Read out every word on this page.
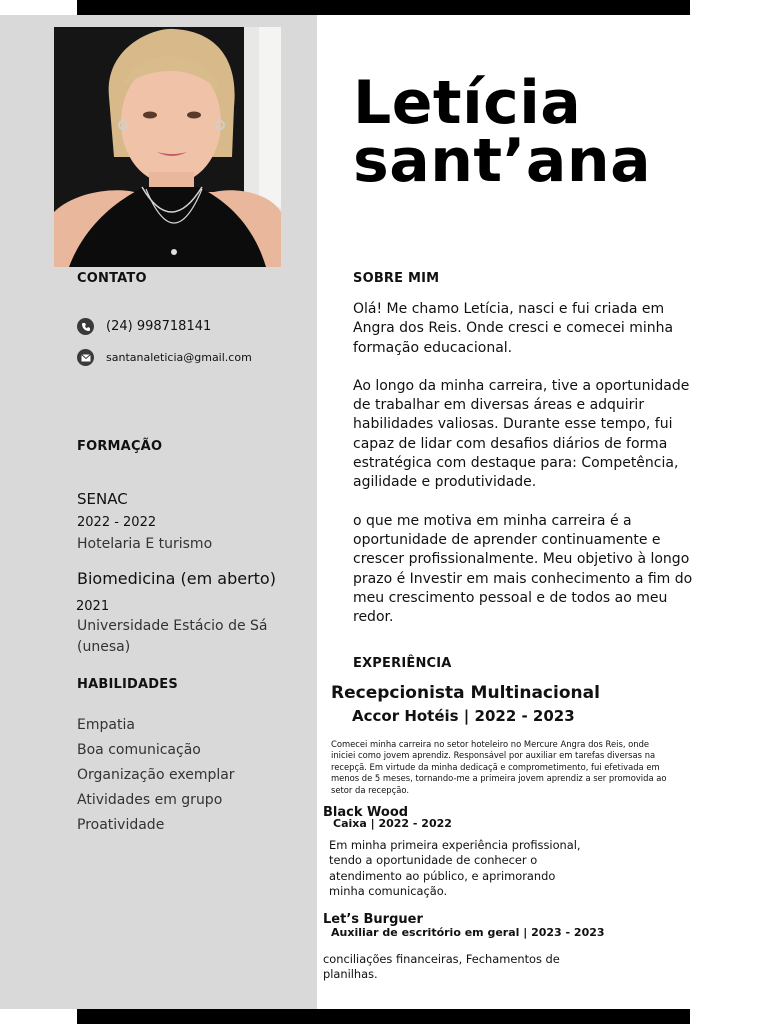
Letícia
sant’ana
CONTATO
(24) 998718141
santanaleticia@gmail.com
FORMAÇÃO
SENAC
2022 - 2022
Hotelaria E turismo
Biomedicina (em aberto)
2021
Universidade Estácio de Sá (unesa)
HABILIDADES
Empatia
Boa comunicação
Organização exemplar
Atividades em grupo
Proatividade
SOBRE MIM

Olá! Me chamo Letícia, nasci e fui criada em Angra dos Reis. Onde cresci e comecei minha formação educacional.

Ao longo da minha carreira, tive a oportunidade de trabalhar em diversas áreas e adquirir habilidades valiosas. Durante esse tempo, fui capaz de lidar com desafios diários de forma estratégica com destaque para: Competência, agilidade e produtividade.

o que me motiva em minha carreira é a oportunidade de aprender continuamente e crescer profissionalmente. Meu objetivo à longo prazo é Investir em mais conhecimento a fim do meu crescimento pessoal e de todos ao meu redor.

EXPERIÊNCIA
Recepcionista Multinacional
Accor Hotéis | 2022 - 2023
Comecei minha carreira no setor hoteleiro no Mercure Angra dos Reis, onde iniciei como jovem aprendiz. Responsável por auxiliar em tarefas diversas na recepçã. Em virtude da minha dedicaçã e comprometimento, fui efetivada em menos de 5 meses, tornando-me a primeira jovem aprendiz a ser promovida ao setor da recepção.
Black Wood
Caixa | 2022 - 2022
Em minha primeira experiência profissional, tendo a oportunidade de conhecer o atendimento ao público, e aprimorando minha comunicação.
Let’s Burguer
Auxiliar de escritório em geral | 2023 - 2023
conciliações financeiras, Fechamentos de planilhas.
